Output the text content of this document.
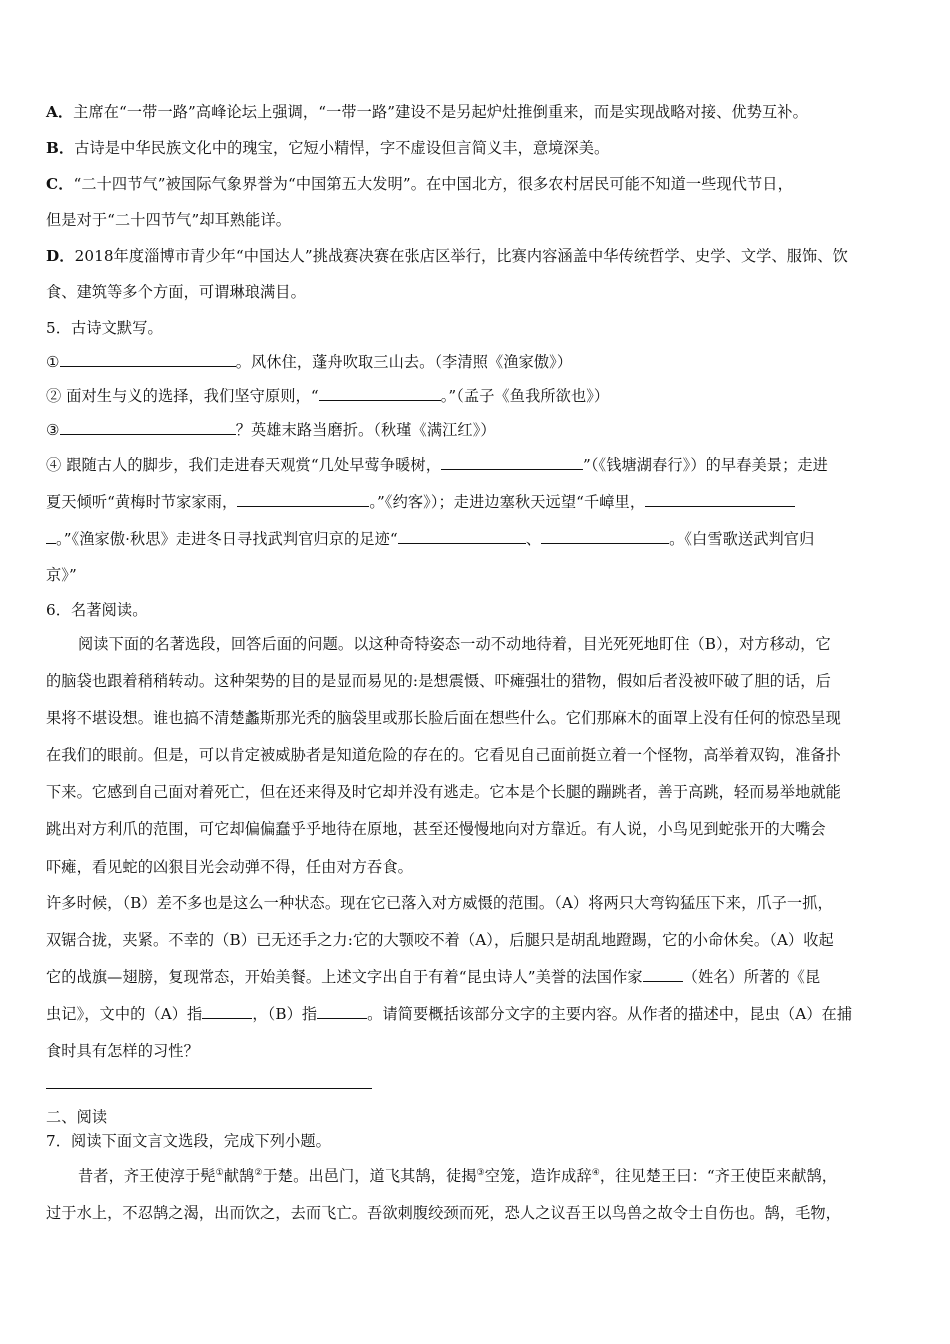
A．主席在“一带一路”高峰论坛上强调，“一带一路”建设不是另起炉灶推倒重来，而是实现战略对接、优势互补。
B．古诗是中华民族文化中的瑰宝，它短小精悍，字不虚设但言简义丰，意境深美。
C．“二十四节气”被国际气象界誉为“中国第五大发明”。在中国北方，很多农村居民可能不知道一些现代节日，
但是对于“二十四节气”却耳熟能详。
D．2018年度淄博市青少年“中国达人”挑战赛决赛在张店区举行，比赛内容涵盖中华传统哲学、史学、文学、服饰、饮
食、建筑等多个方面，可谓琳琅满目。
5．古诗文默写。
①	。风休住，蓬舟吹取三山去。（李清照《渔家傲》）
② 面对生与义的选择，我们坚守原则，“	。”（孟子《鱼我所欲也》）
③	？英雄末路当磨折。（秋瑾《满江红》）
④ 跟随古人的脚步，我们走进春天观赏“几处早莺争暖树，	”（《钱塘湖春行》）的早春美景；走进
夏天倾听“黄梅时节家家雨，	。”《约客》）；走进边塞秋天远望“千嶂里，
。”《渔家傲·秋思》走进冬日寻找武判官归京的足迹“	、	。《白雪歌送武判官归
京》”
6．名著阅读。
阅读下面的名著选段，回答后面的问题。以这种奇特姿态一动不动地待着，目光死死地盯住（B），对方移动，它
的脑袋也跟着稍稍转动。这种架势的目的是显而易见的:是想震慑、吓瘫强壮的猎物，假如后者没被吓破了胆的话，后
果将不堪设想。谁也搞不清楚蠡斯那光秃的脑袋里或那长脸后面在想些什么。它们那麻木的面罩上没有任何的惊恐呈现
在我们的眼前。但是，可以肯定被威胁者是知道危险的存在的。它看见自己面前挺立着一个怪物，高举着双钩，准备扑
下来。它感到自己面对着死亡，但在还来得及时它却并没有逃走。它本是个长腿的蹦跳者，善于高跳，轻而易举地就能
跳出对方利爪的范围，可它却偏偏蠢乎乎地待在原地，甚至还慢慢地向对方靠近。有人说，小鸟见到蛇张开的大嘴会
吓瘫，看见蛇的凶狠目光会动弹不得，任由对方吞食。
许多时候，（B）差不多也是这么一种状态。现在它已落入对方威慑的范围。（A）将两只大弯钩猛压下来，爪子一抓，
双锯合拢，夹紧。不幸的（B）已无还手之力:它的大颚咬不着（A），后腿只是胡乱地蹬踢，它的小命休矣。（A）收起
它的战旗—翅膀，复现常态，开始美餐。上述文字出自于有着“昆虫诗人”美誉的法国作家	（姓名）所著的《昆
虫记》，文中的（A）指	，（B）指	。请简要概括该部分文字的主要内容。从作者的描述中，昆虫（A）在捕
食时具有怎样的习性？
二、阅读
7．阅读下面文言文选段，完成下列小题。
昔者，齐王使淳于髡①献鹄②于楚。出邑门，道飞其鹄，徒揭③空笼，造诈成辞④，往见楚王曰：“齐王使臣来献鹄，
过于水上，不忍鹄之渴，出而饮之，去而飞亡。吾欲刺腹绞颈而死，恐人之议吾王以鸟兽之故令士自伤也。鹄，毛物，
